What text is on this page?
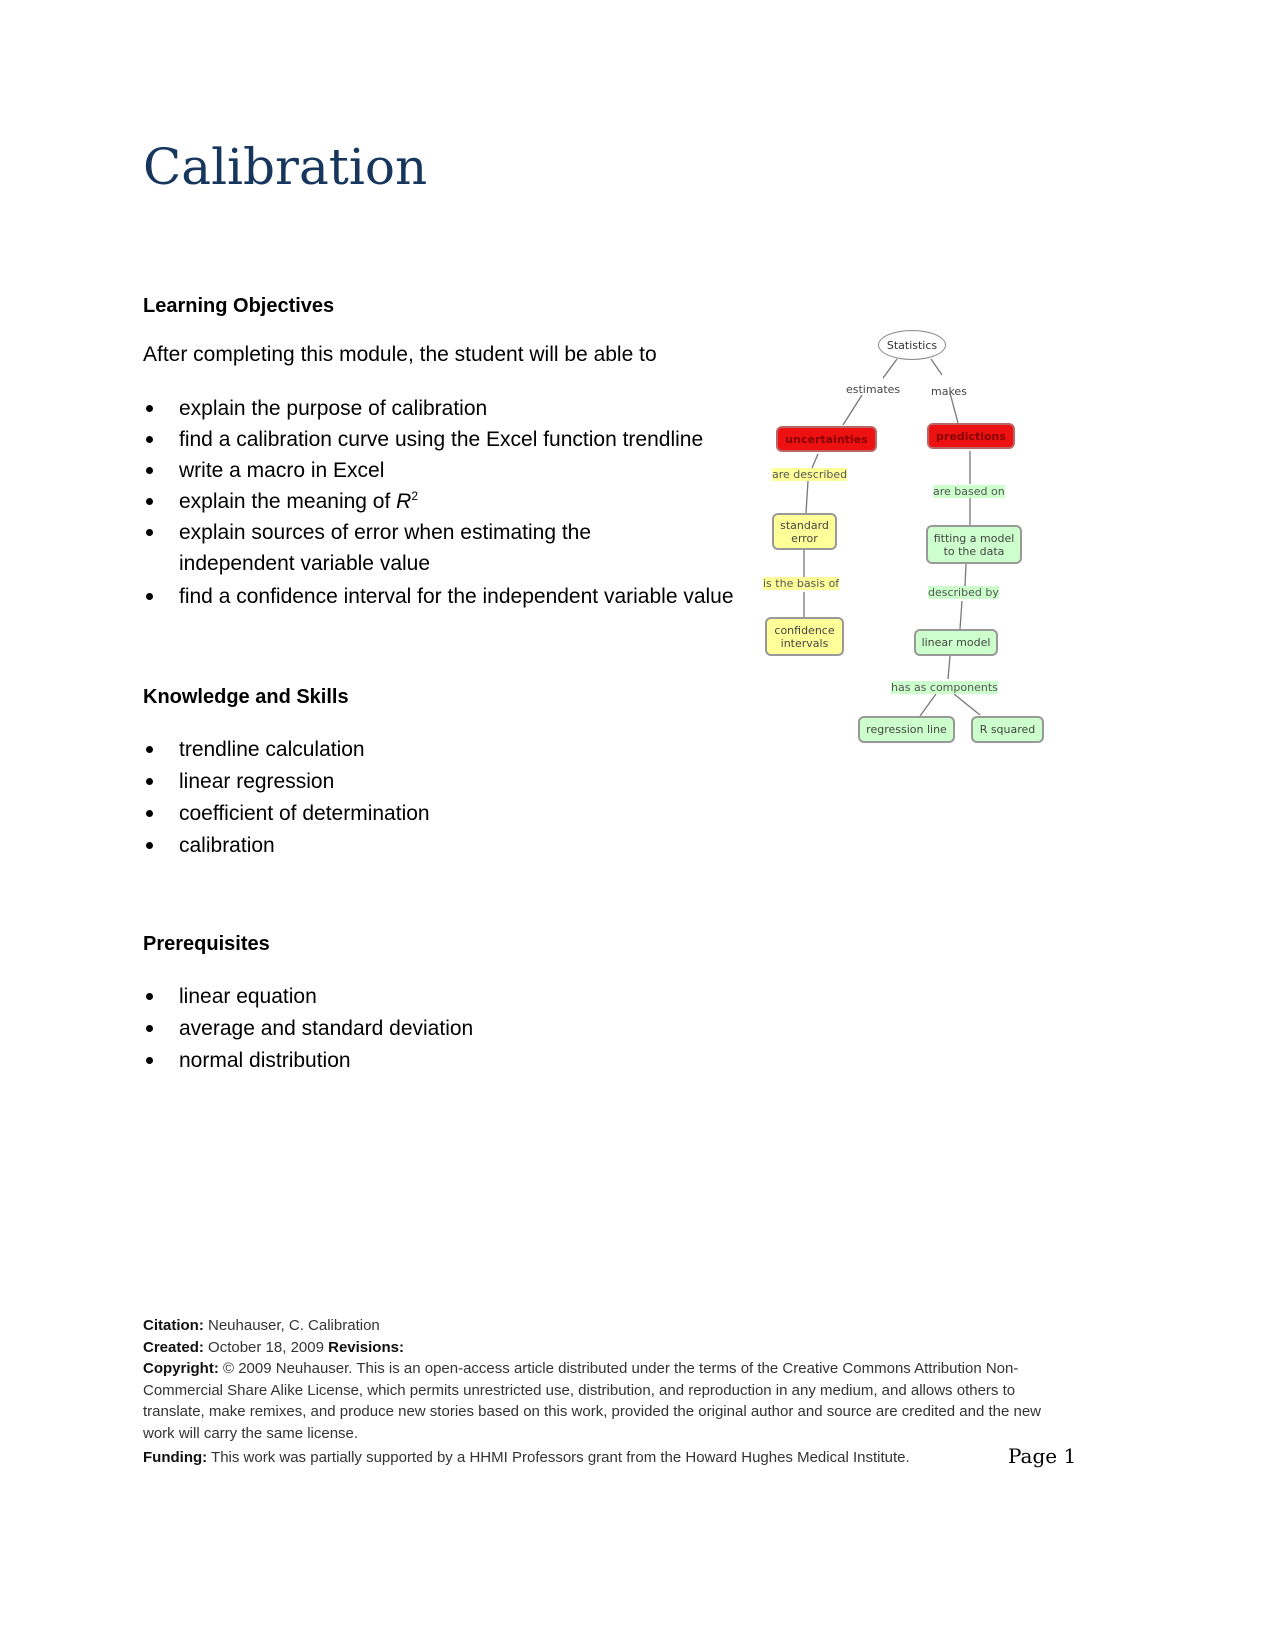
Calibration
Learning Objectives

After completing this module, the student will be able to

explain the purpose of calibration
find a calibration curve using the Excel function trendline
write a macro in Excel
explain the meaning of $R^2$
explain sources of error when estimating the independent variable value
find a confidence interval for the independent variable value
Statistics
estimates	makes
uncertainties	predictions
are described
are based on
standard error	fitting a model to the data
is the basis of
described by
confidence intervals	linear model
has as components
regression line	R squared
Knowledge and Skills
trendline calculation
linear regression
coefficient of determination
calibration
Prerequisites
linear equation
average and standard deviation
normal distribution
Citation: Neuhauser, C. Calibration
Created: October 18, 2009 Revisions:
Copyright: © 2009 Neuhauser. This is an open-access article distributed under the terms of the Creative Commons Attribution Non-Commercial Share Alike License, which permits unrestricted use, distribution, and reproduction in any medium, and allows others to translate, make remixes, and produce new stories based on this work, provided the original author and source are credited and the new work will carry the same license.
Funding: This work was partially supported by a HHMI Professors grant from the Howard Hughes Medical Institute.	Page 1
